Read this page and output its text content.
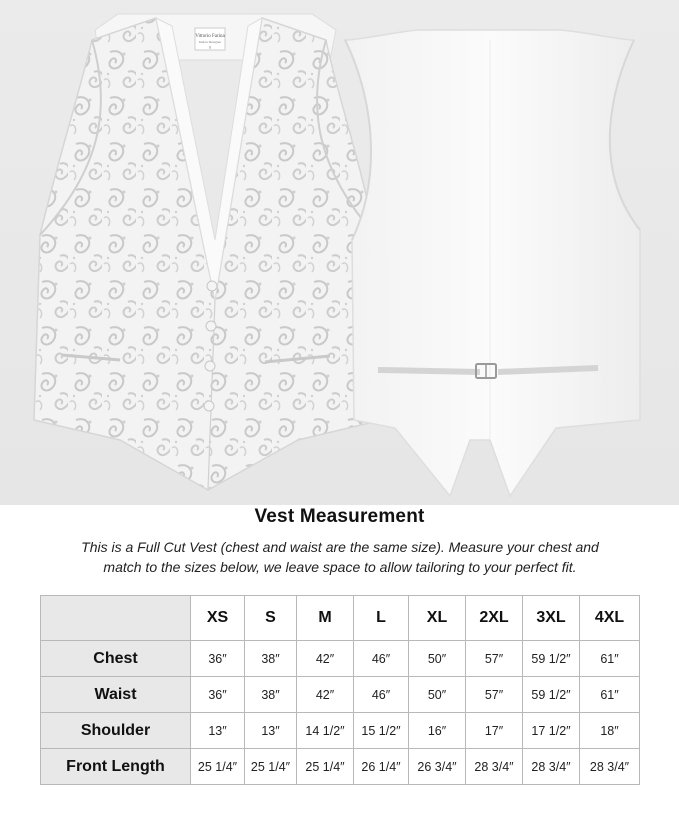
Vittorio Farina
Italian Designer
S
Vest Measurement
This is a Full Cut Vest (chest and waist are the same size). Measure your chest and
match to the sizes below, we leave space to allow tailoring to your perfect fit.
	XS	S	M	L	XL	2XL	3XL	4XL
Chest	36″	38″	42″	46″	50″	57″	59 1/2″	61″
Waist	36″	38″	42″	46″	50″	57″	59 1/2″	61″
Shoulder	13″	13″	14 1/2″	15 1/2″	16″	17″	17 1/2″	18″
Front Length	25 1/4″	25 1/4″	25 1/4″	26 1/4″	26 3/4″	28 3/4″	28 3/4″	28 3/4″
